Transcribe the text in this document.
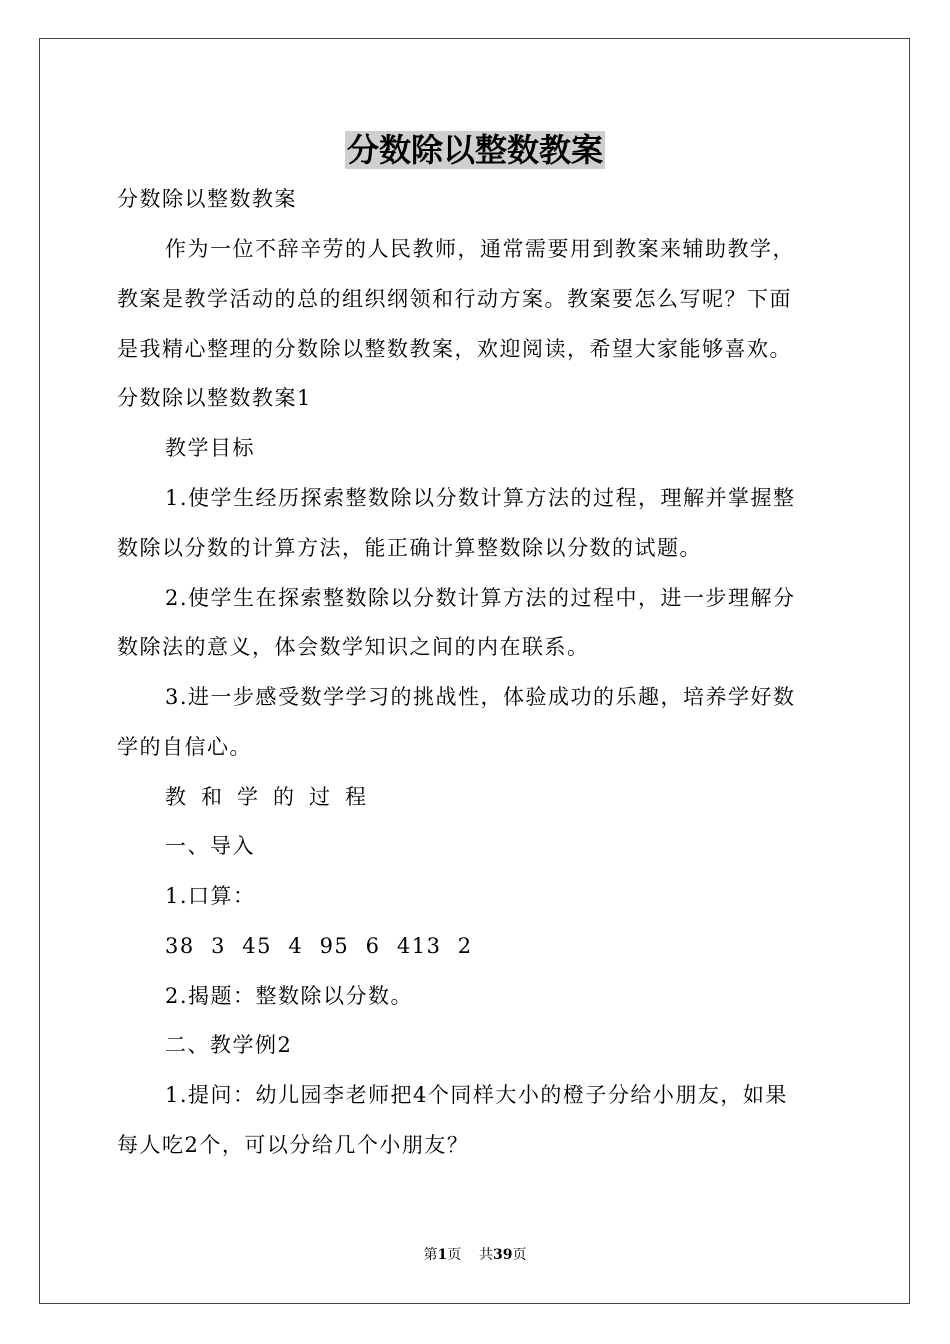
分数除以整数教案
分数除以整数教案
作为一位不辞辛劳的人民教师，通常需要用到教案来辅助教学，
教案是教学活动的总的组织纲领和行动方案。教案要怎么写呢？下面
是我精心整理的分数除以整数教案，欢迎阅读，希望大家能够喜欢。
分数除以整数教案1
教学目标
1.使学生经历探索整数除以分数计算方法的过程，理解并掌握整
数除以分数的计算方法，能正确计算整数除以分数的试题。
2.使学生在探索整数除以分数计算方法的过程中，进一步理解分
数除法的意义，体会数学知识之间的内在联系。
3.进一步感受数学学习的挑战性，体验成功的乐趣，培养学好数
学的自信心。
教和学的过程
一、导入
1.口算：
38  3  45  4  95  6  413  2
2.揭题：整数除以分数。
二、教学例2
1.提问：幼儿园李老师把4个同样大小的橙子分给小朋友，如果
每人吃2个，可以分给几个小朋友？
第1页 共39页
